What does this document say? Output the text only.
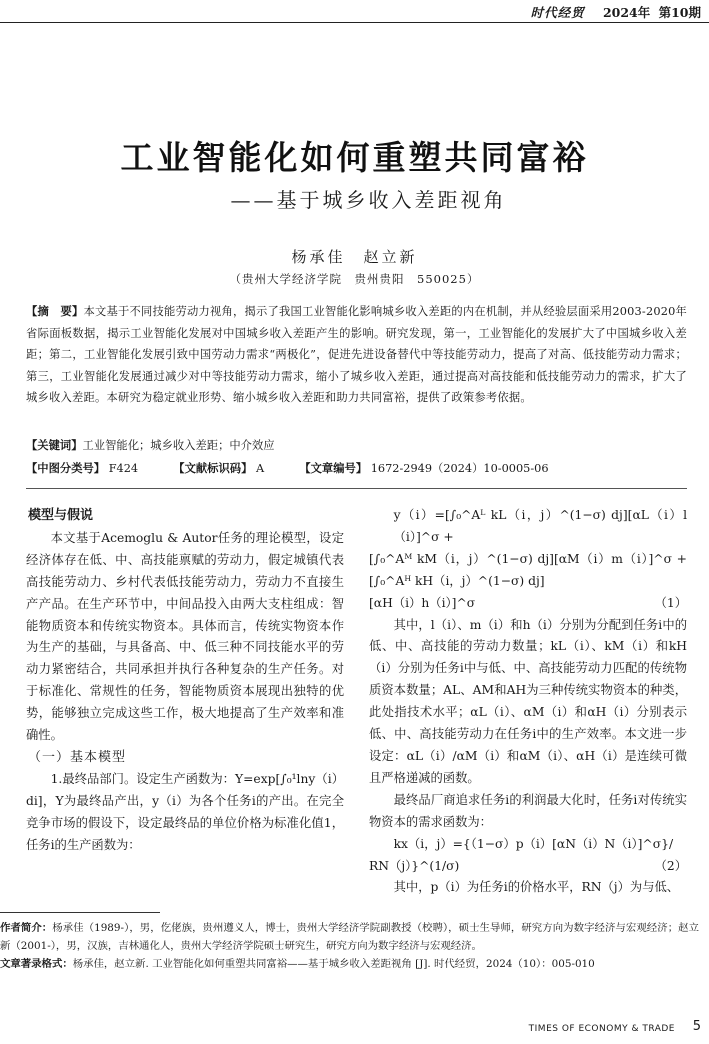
时代经贸 2024年 第10期
工业智能化如何重塑共同富裕
——基于城乡收入差距视角
杨承佳　赵立新
（贵州大学经济学院　贵州贵阳　550025）
【摘　要】本文基于不同技能劳动力视角，揭示了我国工业智能化影响城乡收入差距的内在机制，并从经验层面采用2003-2020年省际面板数据，揭示工业智能化发展对中国城乡收入差距产生的影响。研究发现，第一，工业智能化的发展扩大了中国城乡收入差距；第二，工业智能化发展引致中国劳动力需求“两极化”，促进先进设备替代中等技能劳动力，提高了对高、低技能劳动力需求；第三，工业智能化发展通过减少对中等技能劳动力需求，缩小了城乡收入差距，通过提高对高技能和低技能劳动力的需求，扩大了城乡收入差距。本研究为稳定就业形势、缩小城乡收入差距和助力共同富裕，提供了政策参考依据。
【关键词】工业智能化；城乡收入差距；中介效应
【中图分类号】 F424	【文献标识码】 A	【文章编号】 1672-2949（2024）10-0005-06
模型与假说

本文基于Acemoglu & Autor任务的理论模型，设定经济体存在低、中、高技能禀赋的劳动力，假定城镇代表高技能劳动力、乡村代表低技能劳动力，劳动力不直接生产产品。在生产环节中，中间品投入由两大支柱组成：智能物质资本和传统实物资本。具体而言，传统实物资本作为生产的基础，与具备高、中、低三种不同技能水平的劳动力紧密结合，共同承担并执行各种复杂的生产任务。对于标准化、常规性的任务，智能物质资本展现出独特的优势，能够独立完成这些工作，极大地提高了生产效率和准确性。

（一）基本模型

1.最终品部门。设定生产函数为：Y=exp[∫₀¹lny（i）di]，Y为最终品产出，y（i）为各个任务i的产出。在完全竞争市场的假设下，设定最终品的单位价格为标准化值1，任务i的生产函数为：

y（i）=[∫₀^Aᴸ kL（i，j）^(1−σ) dj][αL（i）l（i）]^σ +
[∫₀^Aᴹ kM（i，j）^(1−σ) dj][αM（i）m（i）]^σ +[∫₀^Aᴴ kH（i，j）^(1−σ) dj]
[αH（i）h（i）]^σ	（1）

其中，l（i）、m（i）和h（i）分别为分配到任务i中的低、中、高技能的劳动力数量；kL（i）、kM（i）和kH（i）分别为任务i中与低、中、高技能劳动力匹配的传统物质资本数量；AL、AM和AH为三种传统实物资本的种类，此处指技术水平；αL（i）、αM（i）和αH（i）分别表示低、中、高技能劳动力在任务i中的生产效率。本文进一步设定：αL（i）/αM（i）和αM（i）、αH（i）是连续可微且严格递减的函数。

最终品厂商追求任务i的利润最大化时，任务i对传统实物资本的需求函数为：

kx（i，j）={（1−σ）p（i）[αN（i）N（i）]^σ}/
RN（j）}^(1/σ)	（2）

其中，p（i）为任务i的价格水平，RN（j）为与低、

作者简介：杨承佳（1989-），男，仡佬族，贵州遵义人，博士，贵州大学经济学院副教授（校聘），硕士生导师，研究方向为数字经济与宏观经济；赵立新（2001-），男，汉族，吉林通化人，贵州大学经济学院硕士研究生，研究方向为数字经济与宏观经济。

文章著录格式：杨承佳，赵立新. 工业智能化如何重塑共同富裕——基于城乡收入差距视角 [J]. 时代经贸，2024（10）：005-010

TIMES OF ECONOMY & TRADE 5
